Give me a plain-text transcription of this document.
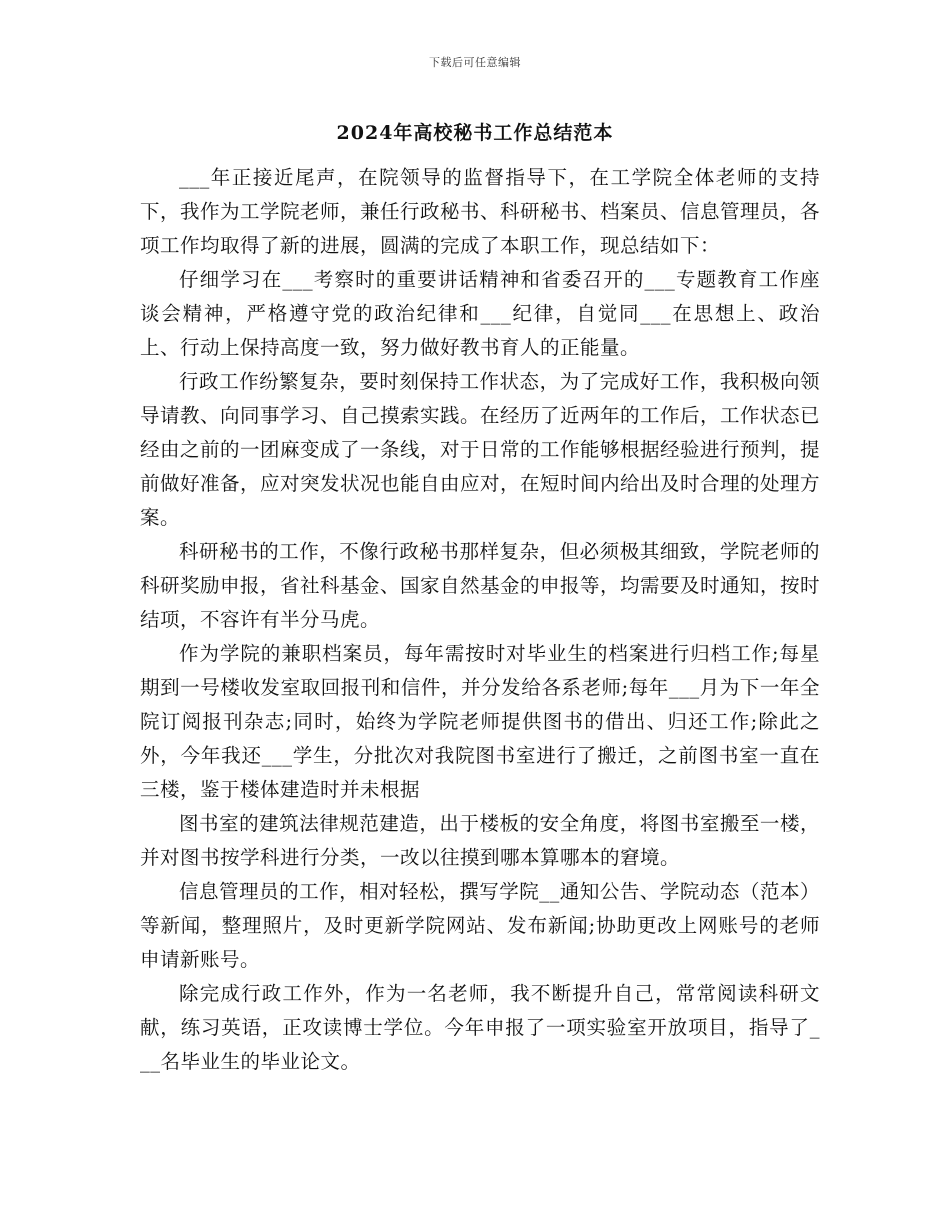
下载后可任意编辑
2024年高校秘书工作总结范本

___年正接近尾声，在院领导的监督指导下，在工学院全体老师的支持下，我作为工学院老师，兼任行政秘书、科研秘书、档案员、信息管理员，各项工作均取得了新的进展，圆满的完成了本职工作，现总结如下：

仔细学习在___考察时的重要讲话精神和省委召开的___专题教育工作座谈会精神，严格遵守党的政治纪律和___纪律，自觉同___在思想上、政治上、行动上保持高度一致，努力做好教书育人的正能量。

行政工作纷繁复杂，要时刻保持工作状态，为了完成好工作，我积极向领导请教、向同事学习、自己摸索实践。在经历了近两年的工作后，工作状态已经由之前的一团麻变成了一条线，对于日常的工作能够根据经验进行预判，提前做好准备，应对突发状况也能自由应对，在短时间内给出及时合理的处理方案。

科研秘书的工作，不像行政秘书那样复杂，但必须极其细致，学院老师的科研奖励申报，省社科基金、国家自然基金的申报等，均需要及时通知，按时结项，不容许有半分马虎。

作为学院的兼职档案员，每年需按时对毕业生的档案进行归档工作;每星期到一号楼收发室取回报刊和信件，并分发给各系老师;每年___月为下一年全院订阅报刊杂志;同时，始终为学院老师提供图书的借出、归还工作;除此之外，今年我还___学生，分批次对我院图书室进行了搬迁，之前图书室一直在三楼，鉴于楼体建造时并未根据

图书室的建筑法律规范建造，出于楼板的安全角度，将图书室搬至一楼，并对图书按学科进行分类，一改以往摸到哪本算哪本的窘境。

信息管理员的工作，相对轻松，撰写学院__通知公告、学院动态（范本）等新闻，整理照片，及时更新学院网站、发布新闻;协助更改上网账号的老师申请新账号。

除完成行政工作外，作为一名老师，我不断提升自己，常常阅读科研文献，练习英语，正攻读博士学位。今年申报了一项实验室开放项目，指导了___名毕业生的毕业论文。
